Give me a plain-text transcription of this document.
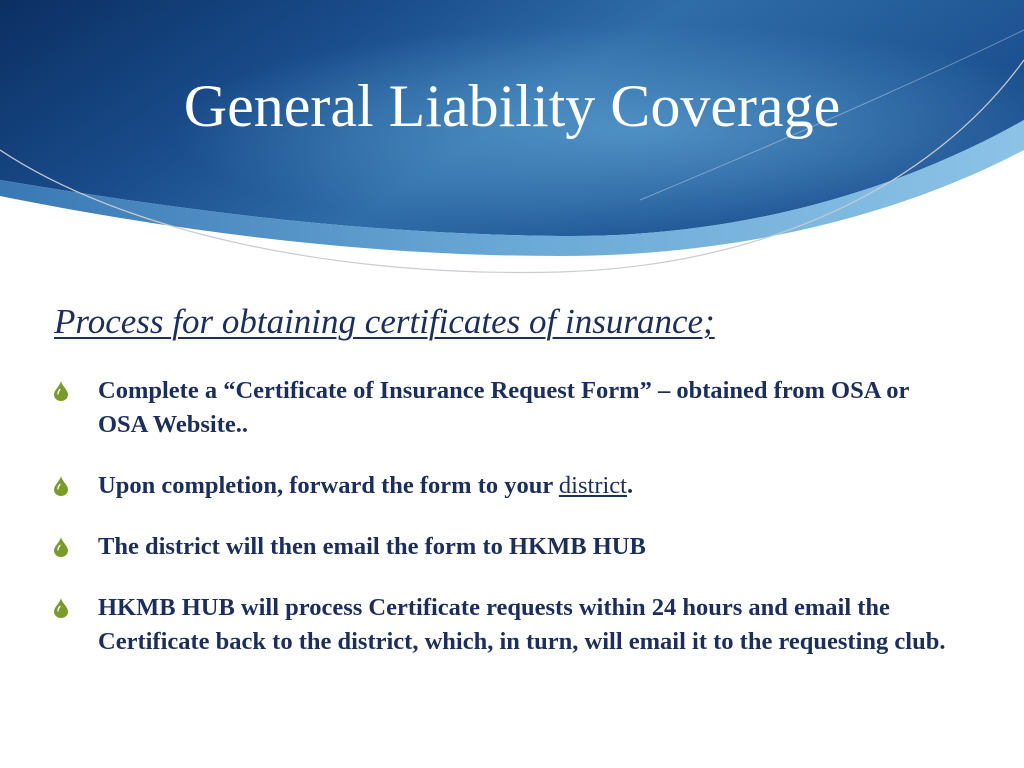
General Liability Coverage

Process for obtaining certificates of insurance;

Complete a “Certificate of Insurance Request Form” – obtained from OSA or OSA Website..
Upon completion, forward the form to your district.
The district will then email the form to HKMB HUB
HKMB HUB will process Certificate requests within 24 hours and email the Certificate back to the district, which, in turn, will email it to the requesting club.
